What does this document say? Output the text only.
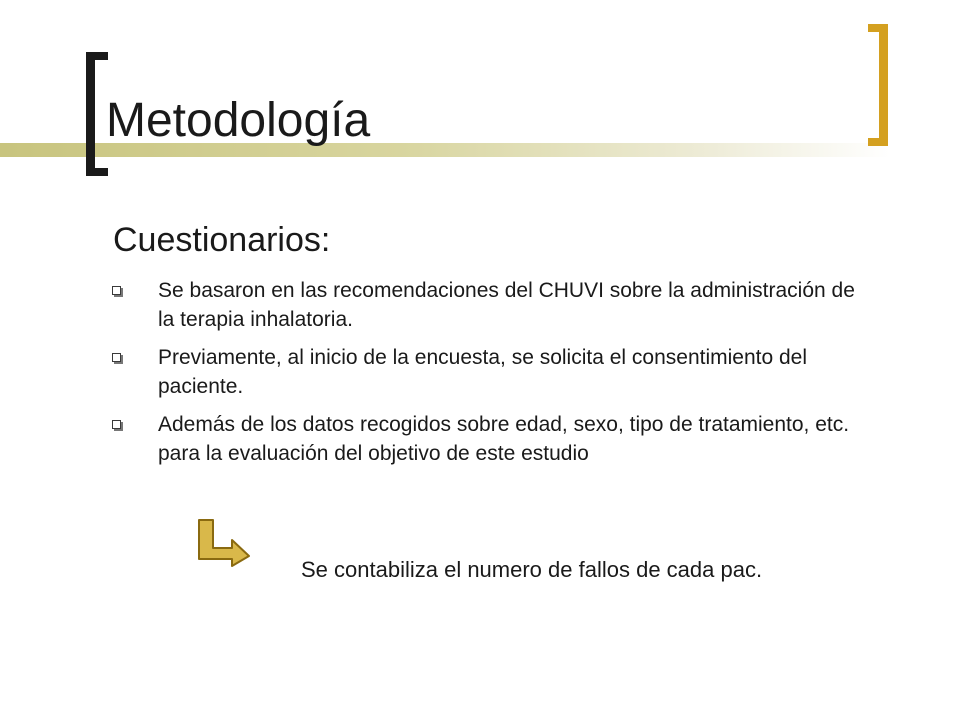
Metodología
Cuestionarios:
Se basaron en las recomendaciones del CHUVI sobre la administración de la terapia inhalatoria.
Previamente, al inicio de la encuesta, se solicita el consentimiento del paciente.
Además de los datos recogidos sobre edad, sexo, tipo de tratamiento, etc. para la evaluación del objetivo de este estudio
Se contabiliza el numero de fallos de cada pac.
